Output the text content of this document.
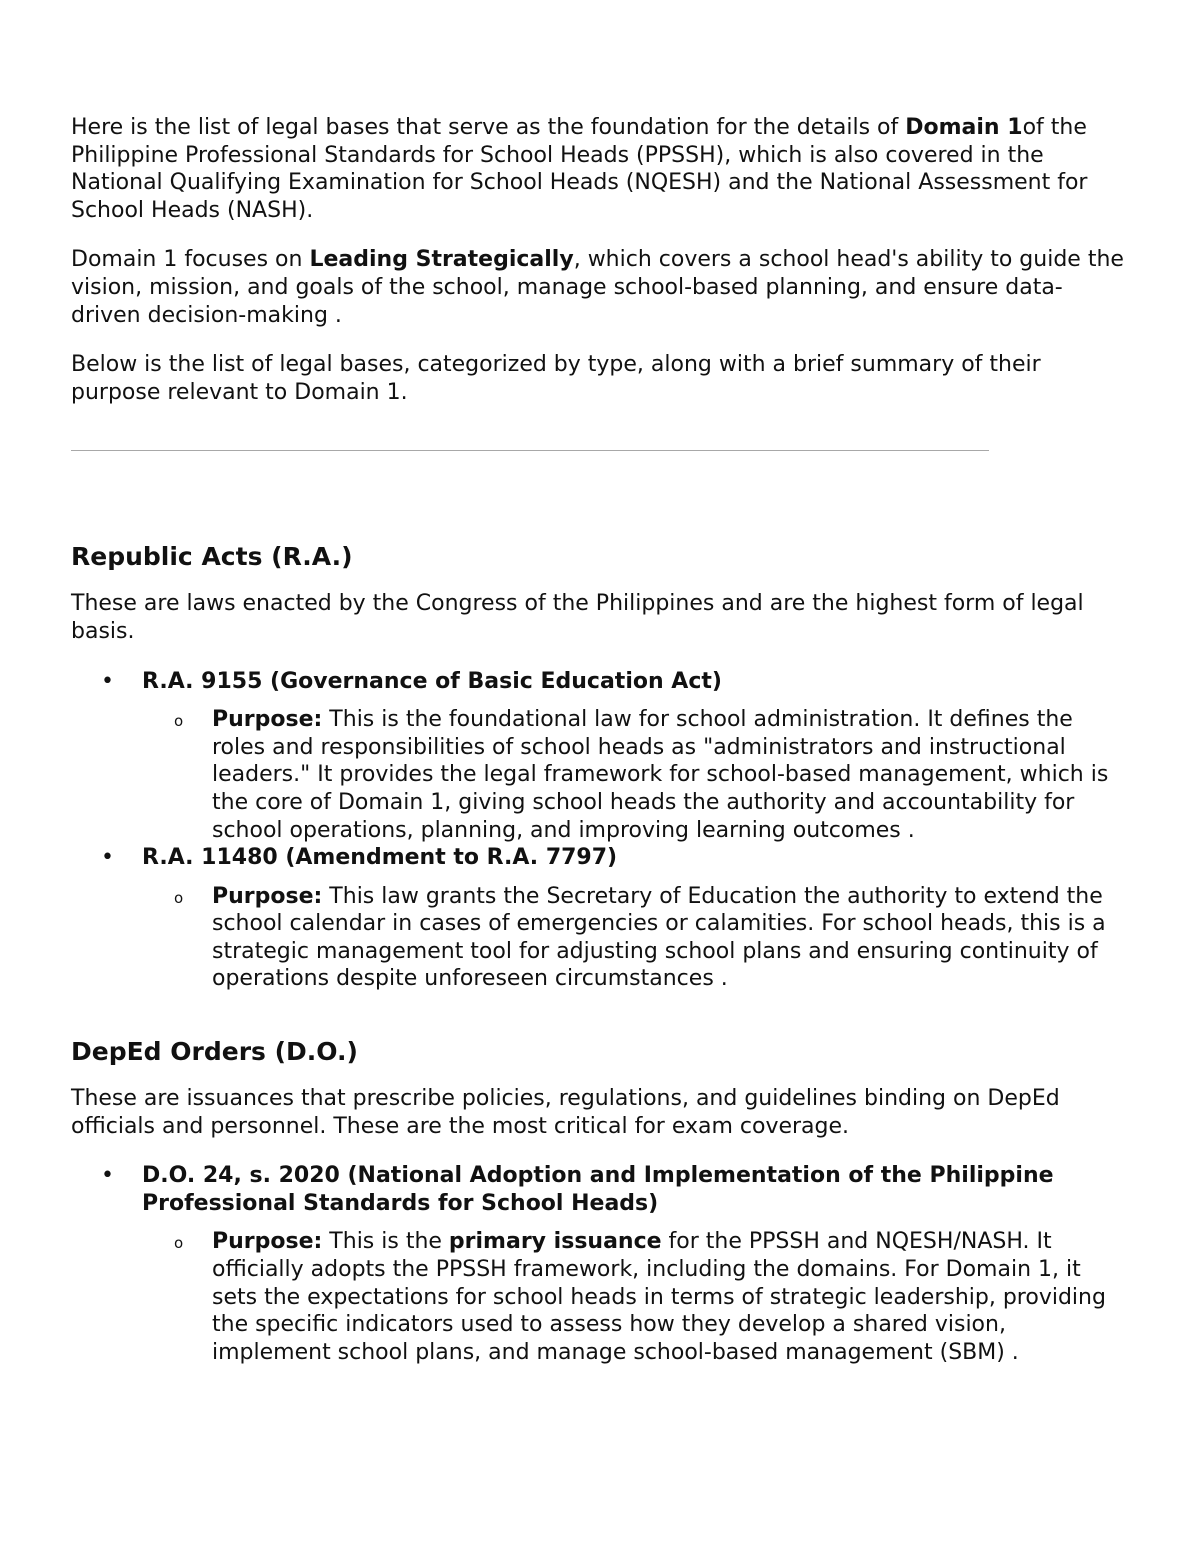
Here is the list of legal bases that serve as the foundation for the details of Domain 1of the Philippine Professional Standards for School Heads (PPSSH), which is also covered in the National Qualifying Examination for School Heads (NQESH) and the National Assessment for School Heads (NASH).

Domain 1 focuses on Leading Strategically, which covers a school head's ability to guide the vision, mission, and goals of the school, manage school-based planning, and ensure data-driven decision-making .

Below is the list of legal bases, categorized by type, along with a brief summary of their purpose relevant to Domain 1.

Republic Acts (R.A.)

These are laws enacted by the Congress of the Philippines and are the highest form of legal basis.

• R.A. 9155 (Governance of Basic Education Act)
o Purpose: This is the foundational law for school administration. It defines the roles and responsibilities of school heads as "administrators and instructional leaders." It provides the legal framework for school-based management, which is the core of Domain 1, giving school heads the authority and accountability for school operations, planning, and improving learning outcomes .

• R.A. 11480 (Amendment to R.A. 7797)
o Purpose: This law grants the Secretary of Education the authority to extend the school calendar in cases of emergencies or calamities. For school heads, this is a strategic management tool for adjusting school plans and ensuring continuity of operations despite unforeseen circumstances .

DepEd Orders (D.O.)

These are issuances that prescribe policies, regulations, and guidelines binding on DepEd officials and personnel. These are the most critical for exam coverage.

• D.O. 24, s. 2020 (National Adoption and Implementation of the Philippine Professional Standards for School Heads)
o Purpose: This is the primary issuance for the PPSSH and NQESH/NASH. It officially adopts the PPSSH framework, including the domains. For Domain 1, it sets the expectations for school heads in terms of strategic leadership, providing the specific indicators used to assess how they develop a shared vision, implement school plans, and manage school-based management (SBM) .
